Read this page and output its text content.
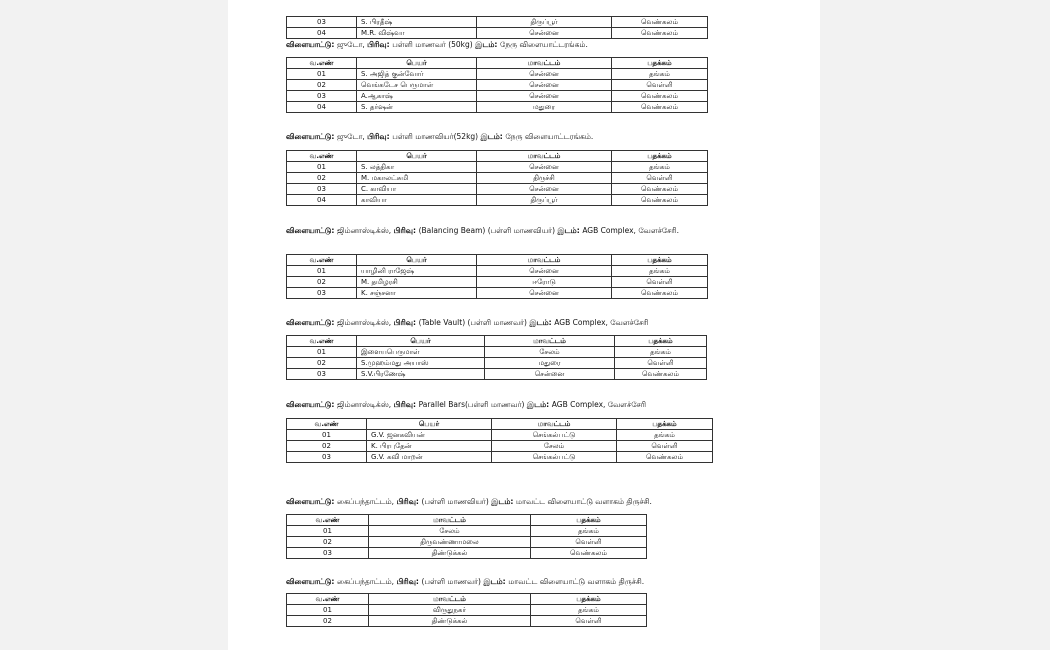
03	S. பிரதீஷ்	திருப்பூர்	வெண்கலம்
04	M.R. விஷ்வா	சென்னை	வெண்கலம்
விளையாட்டு: ஜுடோ, பிரிவு: பள்ளி மாணவர் (50kg) இடம்: நேரு விளையாட்டரங்கம்.
வ.எண்	பெயர்	மாவட்டம்	பதக்கம்
01	S. அஜித் குன்வோர்	சென்னை	தங்கம்
02	வெங்கடேச பெருமாள்	சென்னை	வெள்ளி
03	A.ஆகாஷ்	சென்னை	வெண்கலம்
04	S. தர்ஷன்	மதுரை	வெண்கலம்
விளையாட்டு: ஜுடோ, பிரிவு: பள்ளி மாணவியர்(52kg) இடம்: நேரு விளையாட்டரங்கம்.
வ.எண்	பெயர்	மாவட்டம்	பதக்கம்
01	S. லத்திகா	சென்னை	தங்கம்
02	M. மகாலட்சுமி	திருச்சி	வெள்ளி
03	C. காவியா	சென்னை	வெண்கலம்
04	காவியா	திருப்பூர்	வெண்கலம்
விளையாட்டு: ஜிம்னாஸ்டிக்ஸ், பிரிவு: (Balancing Beam) (பள்ளி மாணவியர்) இடம்: AGB Complex, வேளச்சேரி.
வ.எண்	பெயர்	மாவட்டம்	பதக்கம்
01	யாழினி ராஜேஷ்	சென்னை	தங்கம்
02	M. தமிழரசி	ஈரோடு	வெள்ளி
03	K. சஞ்சனா	சென்னை	வெண்கலம்
விளையாட்டு: ஜிம்னாஸ்டிக்ஸ், பிரிவு: (Table Vault) (பள்ளி மாணவர்) இடம்: AGB Complex, வேளச்சேரி
வ.எண்	பெயர்	மாவட்டம்	பதக்கம்
01	இளையபெருமாள்	சேலம்	தங்கம்
02	S.முஹம்மது அயாஸ்	மதுரை	வெள்ளி
03	S.V.பிரணேஷ்	சென்னை	வெண்கலம்
விளையாட்டு: ஜிம்னாஸ்டிக்ஸ், பிரிவு: Parallel Bars(பள்ளி மாணவர்) இடம்: AGB Complex, வேளச்சேரி
வ.எண்	பெயர்	மாவட்டம்	பதக்கம்
01	G.V. ஜனகவியன்	செங்கல்பட்டு	தங்கம்
02	K. பிரபுதேன்	சேலம்	வெள்ளி
03	G.V. கவி மாறன்	செங்கல்பட்டு	வெண்கலம்
விளையாட்டு: கைப்பந்தாட்டம், பிரிவு: (பள்ளி மாணவியர்) இடம்: மாவட்ட விளையாட்டு வளாகம் திருச்சி.
வ.எண்	மாவட்டம்	பதக்கம்
01	சேலம்	தங்கம்
02	திருவண்ணாமலை	வெள்ளி
03	திண்டுக்கல்	வெண்கலம்
விளையாட்டு: கைப்பந்தாட்டம், பிரிவு: (பள்ளி மாணவர்) இடம்: மாவட்ட விளையாட்டு வளாகம் திருச்சி.
வ.எண்	மாவட்டம்	பதக்கம்
01	விருதுநகர்	தங்கம்
02	திண்டுக்கல்	வெள்ளி
